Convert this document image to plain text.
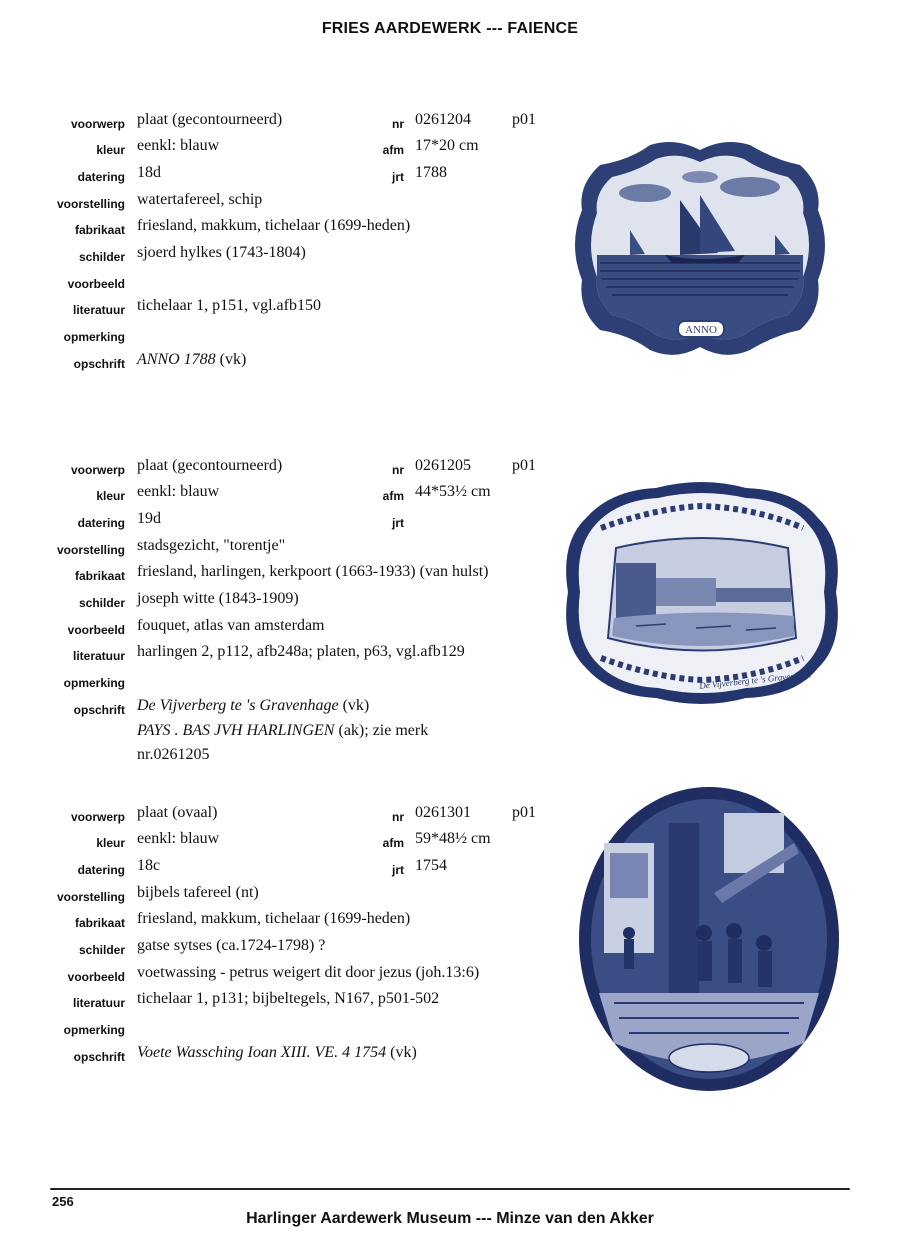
FRIES AARDEWERK --- FAIENCE
voorwerp plaat (gecontourneerd)	nr 0261204	p01
kleur eenkl: blauw	afm 17*20 cm
datering 18d	jrt 1788
voorstelling watertafereel, schip
fabrikaat friesland, makkum, tichelaar (1699-heden)
schilder sjoerd hylkes (1743-1804)
voorbeeld
literatuur tichelaar 1, p151, vgl.afb150
opmerking
opschrift ANNO 1788 (vk)
ANNO
voorwerp plaat (gecontourneerd)	nr 0261205	p01
kleur eenkl: blauw	afm 44*53½ cm
datering 19d	jrt
voorstelling stadsgezicht, "torentje"
fabrikaat friesland, harlingen, kerkpoort (1663-1933) (van hulst)
schilder joseph witte (1843-1909)
voorbeeld fouquet, atlas van amsterdam
literatuur harlingen 2, p112, afb248a; platen, p63, vgl.afb129
opmerking
opschrift De Vijverberg te 's Gravenhage (vk)
PAYS . BAS JVH HARLINGEN (ak); zie merk
nr.0261205
De Vijverberg te 's Gravenhage
voorwerp plaat (ovaal)	nr 0261301	p01
kleur eenkl: blauw	afm 59*48½ cm
datering 18c	jrt 1754
voorstelling bijbels tafereel (nt)
fabrikaat friesland, makkum, tichelaar (1699-heden)
schilder gatse sytses (ca.1724-1798) ?
voorbeeld voetwassing - petrus weigert dit door jezus (joh.13:6)
literatuur tichelaar 1, p131; bijbeltegels, N167, p501-502
opmerking
opschrift Voete Wassching Ioan XIII. VE. 4 1754 (vk)
256
Harlinger Aardewerk Museum --- Minze van den Akker
